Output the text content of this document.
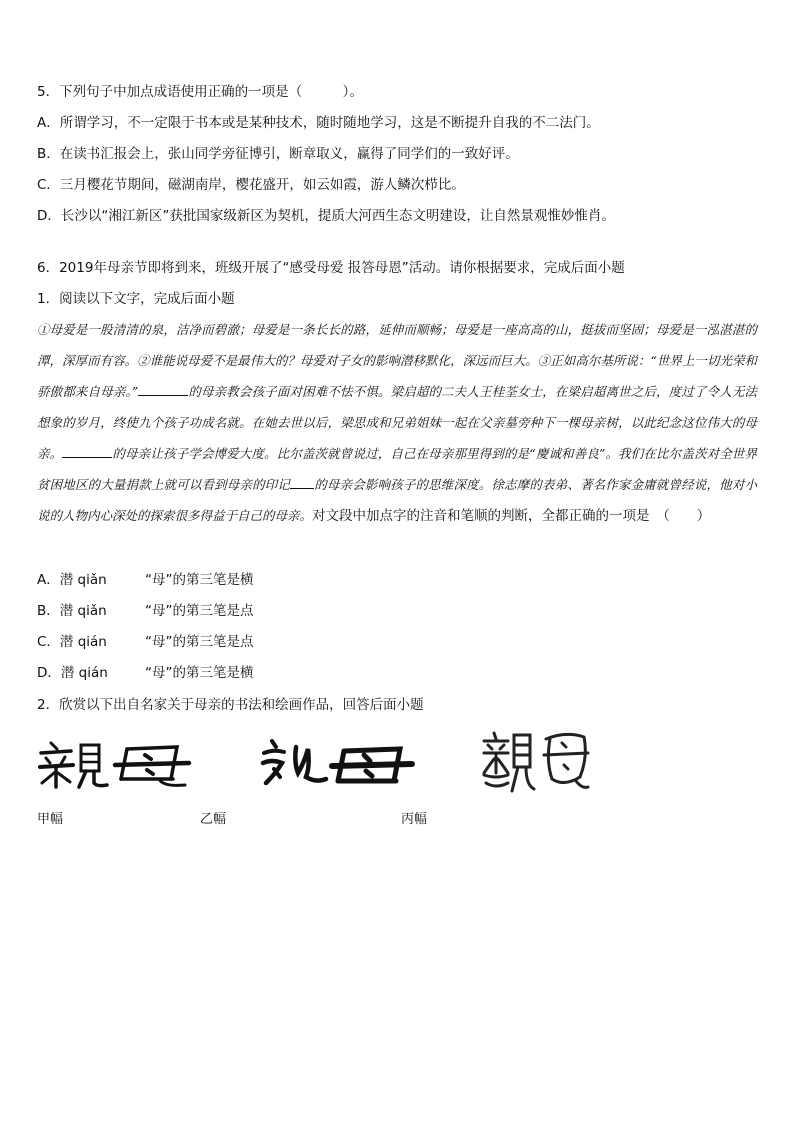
5．下列句子中加点成语使用正确的一项是（　　　）。
A．所谓学习，不一定限于书本或是某种技术，随时随地学习，这是不断提升自我的不二法门。
B．在读书汇报会上，张山同学旁征博引，断章取义，赢得了同学们的一致好评。
C．三月樱花节期间，磁湖南岸，樱花盛开，如云如霞，游人鳞次栉比。
D．长沙以“湘江新区”获批国家级新区为契机，提质大河西生态文明建设，让自然景观惟妙惟肖。
6．2019年母亲节即将到来，班级开展了“感受母爱 报答母恩”活动。请你根据要求，完成后面小题
1．阅读以下文字，完成后面小题
①母爱是一股清清的泉，洁净而碧澈；母爱是一条长长的路，延伸而顺畅；母爱是一座高高的山，挺拔而坚固；母爱是一泓湛湛的潭，深厚而有容。②谁能说母爱不是最伟大的？母爱对子女的影响潜移默化，深远而巨大。③正如高尔基所说：“世界上一切光荣和骄傲都来自母亲。”	的母亲教会孩子面对困难不怯不惧。梁启超的二夫人王桂荃女士，在梁启超离世之后，度过了令人无法想象的岁月，终使九个孩子功成名就。在她去世以后，梁思成和兄弟姐妹一起在父亲墓旁种下一棵母亲树，以此纪念这位伟大的母亲。	的母亲让孩子学会博爱大度。比尔盖茨就曾说过，自己在母亲那里得到的是“慶诚和善良”。我们在比尔盖茨对全世界贫困地区的大量捐款上就可以看到母亲的印记 的母亲会影响孩子的思维深度。徐志摩的表弟、著名作家金庸就曾经说，他对小说的人物内心深处的探索很多得益于自己的母亲。对文段中加点字的注音和笔顺的判断，全都正确的一项是　（　　）
A．潜 qiǎn	“母”的第三笔是横
B．潜 qiǎn	“母”的第三笔是点
C．潜 qián	“母”的第三笔是点
D．潜 qián	“母”的第三笔是横
2．欣赏以下出自名家关于母亲的书法和绘画作品，回答后面小题
甲幅	乙幅	丙幅
